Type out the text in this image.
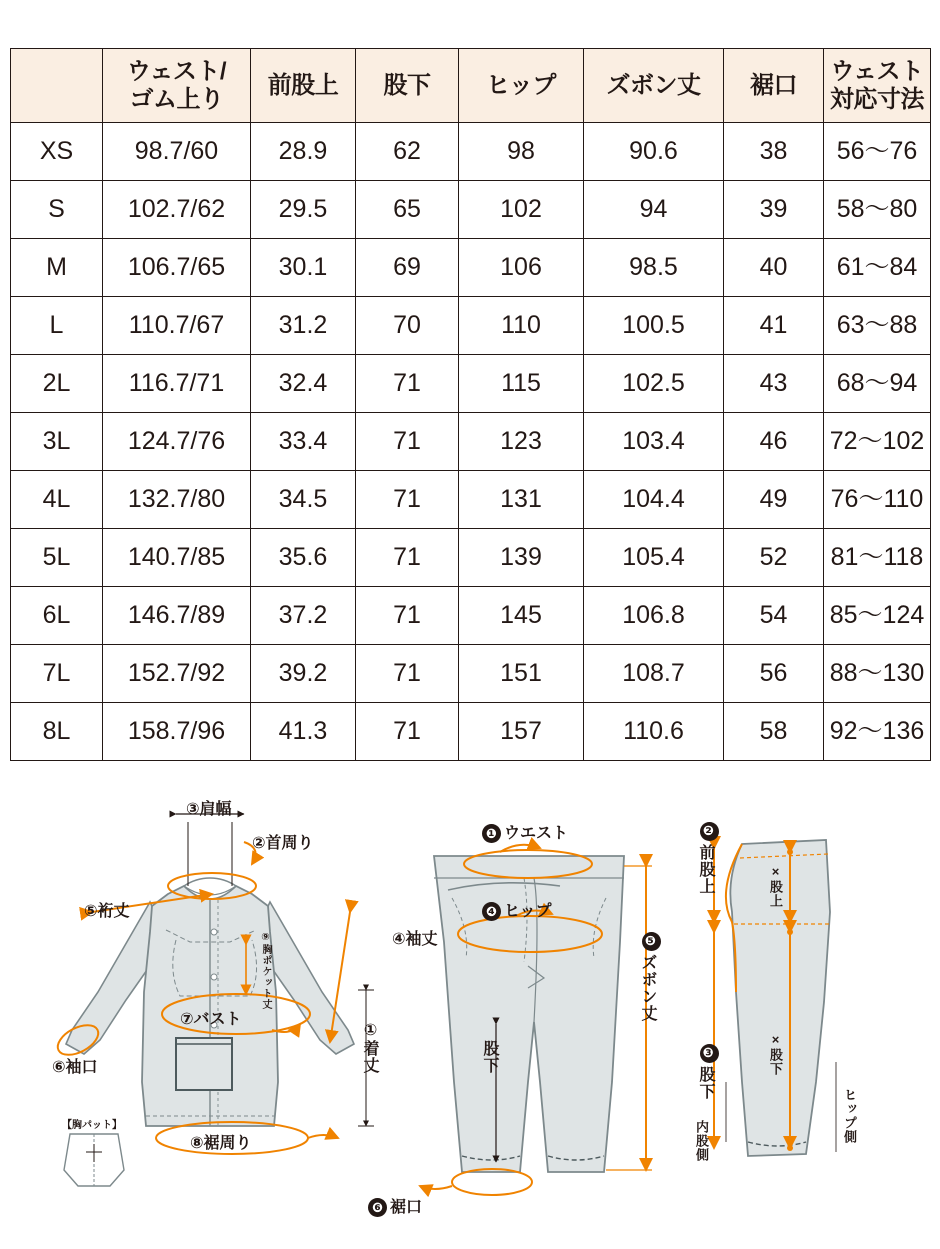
	ウェスト/
ゴム上り	前股上	股下	ヒップ	ズボン丈	裾口	ウェスト
対応寸法

XS	98.7/60	28.9	62	98	90.6	38	56〜76
S	102.7/62	29.5	65	102	94	39	58〜80
M	106.7/65	30.1	69	106	98.5	40	61〜84
L	110.7/67	31.2	70	110	100.5	41	63〜88
2L	116.7/71	32.4	71	115	102.5	43	68〜94
3L	124.7/76	33.4	71	123	103.4	46	72〜102
4L	132.7/80	34.5	71	131	104.4	49	76〜110
5L	140.7/85	35.6	71	139	105.4	52	81〜118
6L	146.7/89	37.2	71	145	106.8	54	85〜124
7L	152.7/92	39.2	71	151	108.7	56	88〜130
8L	158.7/96	41.3	71	157	110.6	58	92〜136
③肩幅
②首周り
⑤裄丈
④袖丈
⑨胸ポケット丈
⑦バスト
⑥袖口	①着丈
⑧裾周り
【胸パット】
❶ ウエスト
❹ ヒップ
❺ズボン丈
股下
❻ 裾口
❷前股上	×股上
❸股下
×股下
内股側	ヒップ側
